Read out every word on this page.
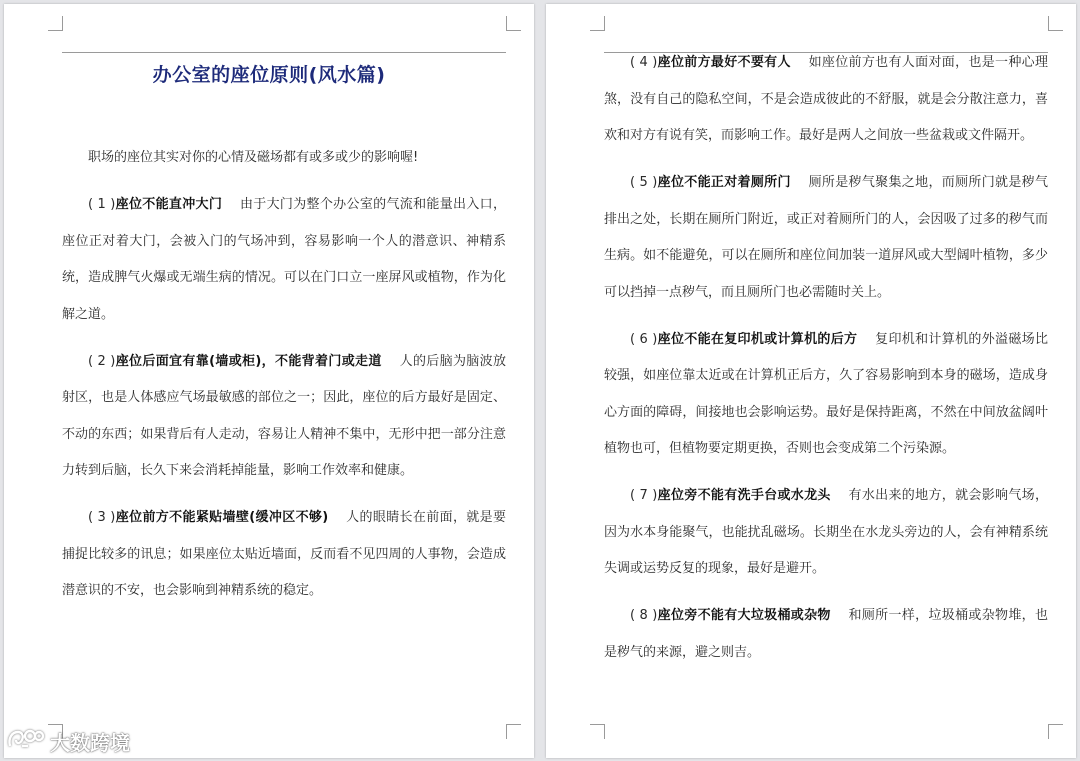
办公室的座位原则(风水篇)

职场的座位其实对你的心情及磁场都有或多或少的影响喔!

( 1 )座位不能直冲大门 由于大门为整个办公室的气流和能量出入口，座位正对着大门，会被入门的气场冲到，容易影响一个人的潜意识、神精系统，造成脾气火爆或无端生病的情况。可以在门口立一座屏风或植物，作为化解之道。

( 2 )座位后面宜有靠(墙或柜)，不能背着门或走道 人的后脑为脑波放射区，也是人体感应气场最敏感的部位之一；因此，座位的后方最好是固定、不动的东西；如果背后有人走动，容易让人精神不集中，无形中把一部分注意力转到后脑，长久下来会消耗掉能量，影响工作效率和健康。

( 3 )座位前方不能紧贴墙壁(缓冲区不够) 人的眼睛长在前面，就是要捕捉比较多的讯息；如果座位太贴近墙面，反而看不见四周的人事物，会造成潜意识的不安，也会影响到神精系统的稳定。

( 4 )座位前方最好不要有人 如座位前方也有人面对面，也是一种心理煞，没有自己的隐私空间，不是会造成彼此的不舒服，就是会分散注意力，喜欢和对方有说有笑，而影响工作。最好是两人之间放一些盆栽或文件隔开。

( 5 )座位不能正对着厕所门 厕所是秽气聚集之地，而厕所门就是秽气排出之处，长期在厕所门附近，或正对着厕所门的人，会因吸了过多的秽气而生病。如不能避免，可以在厕所和座位间加装一道屏风或大型阔叶植物，多少可以挡掉一点秽气，而且厕所门也必需随时关上。

( 6 )座位不能在复印机或计算机的后方 复印机和计算机的外溢磁场比较强，如座位靠太近或在计算机正后方，久了容易影响到本身的磁场，造成身心方面的障碍，间接地也会影响运势。最好是保持距离，不然在中间放盆阔叶植物也可，但植物要定期更换，否则也会变成第二个污染源。

( 7 )座位旁不能有洗手台或水龙头 有水出来的地方，就会影响气场，因为水本身能聚气，也能扰乱磁场。长期坐在水龙头旁边的人，会有神精系统失调或运势反复的现象，最好是避开。

( 8 )座位旁不能有大垃圾桶或杂物 和厕所一样，垃圾桶或杂物堆，也是秽气的来源，避之则吉。

大数跨境
